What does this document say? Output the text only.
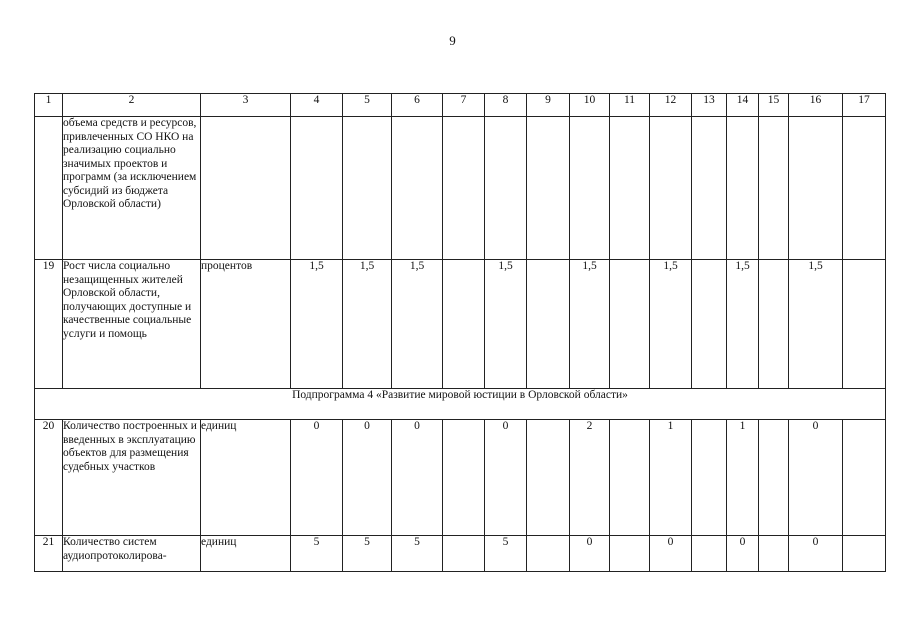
9
1	2	3	4	5	6	7	8	9	10	11	12	13	14	15	16	17
	объема средств и ресурсов, привлеченных СО НКО на реализацию социально значимых проектов и программ (за исключением субсидий из бюджета Орловской области)															
19	Рост числа социально незащищенных жителей Орловской области, получающих доступные и качественные социальные услуги и помощь	процентов	1,5	1,5	1,5		1,5		1,5		1,5		1,5		1,5	
Подпрограмма 4 «Развитие мировой юстиции в Орловской области»																
20	Количество построенных и введенных в эксплуатацию объектов для размещения судебных участков	единиц	0	0	0		0		2		1		1		0	
21	Количество систем аудиопротоколирова-	единиц	5	5	5		5		0		0		0		0	
